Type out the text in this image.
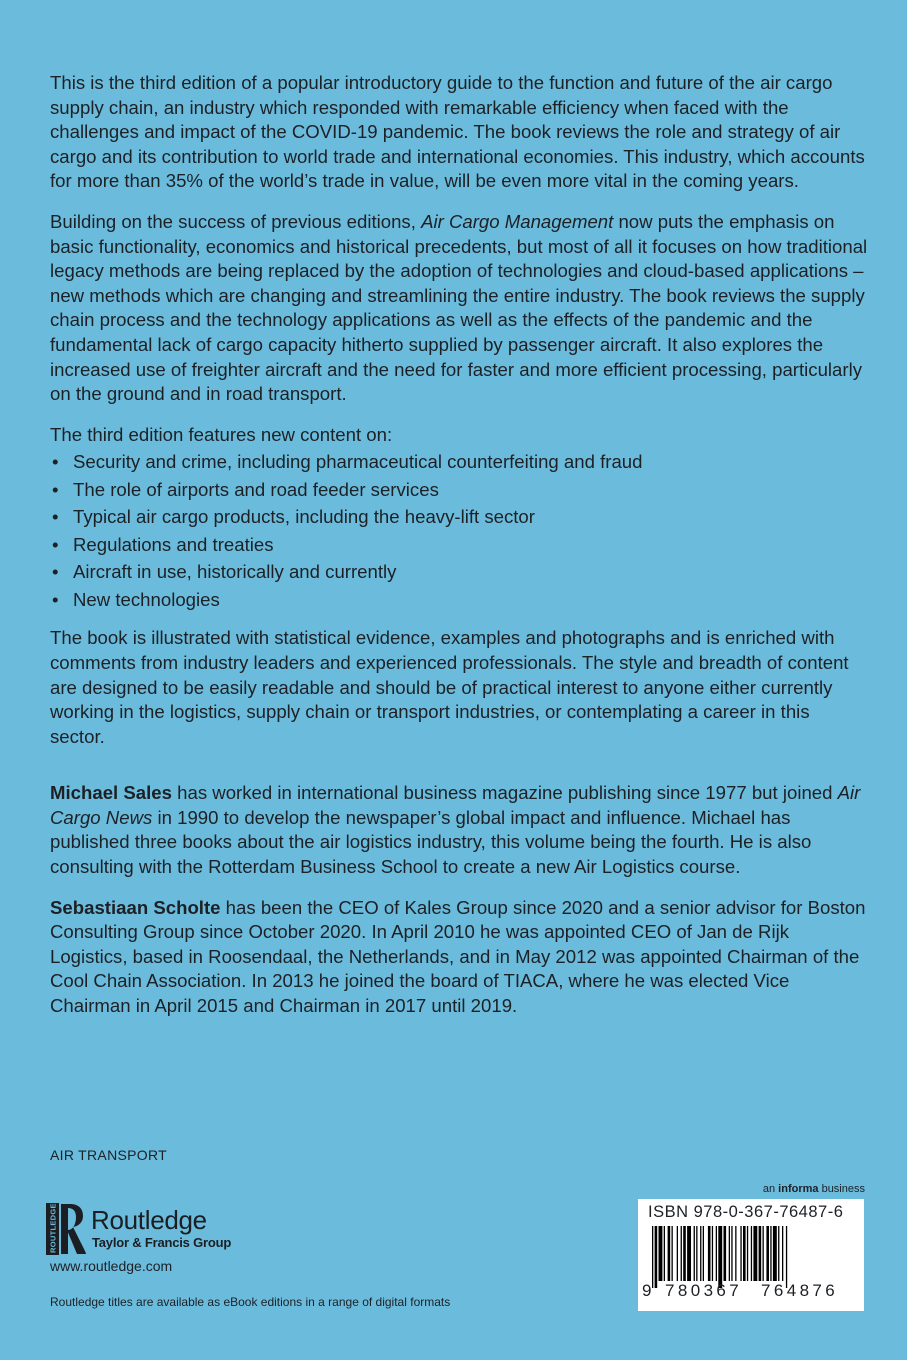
This is the third edition of a popular introductory guide to the function and future of the air cargo supply chain, an industry which responded with remarkable efficiency when faced with the challenges and impact of the COVID-19 pandemic. The book reviews the role and strategy of air cargo and its contribution to world trade and international economies. This industry, which accounts for more than 35% of the world’s trade in value, will be even more vital in the coming years.

Building on the success of previous editions, Air Cargo Management now puts the emphasis on basic functionality, economics and historical precedents, but most of all it focuses on how traditional legacy methods are being replaced by the adoption of technologies and cloud-based applications – new methods which are changing and streamlining the entire industry. The book reviews the supply chain process and the technology applications as well as the effects of the pandemic and the fundamental lack of cargo capacity hitherto supplied by passenger aircraft. It also explores the increased use of freighter aircraft and the need for faster and more efficient processing, particularly on the ground and in road transport.

The third edition features new content on:

• Security and crime, including pharmaceutical counterfeiting and fraud
• The role of airports and road feeder services
• Typical air cargo products, including the heavy-lift sector
• Regulations and treaties
• Aircraft in use, historically and currently
• New technologies

The book is illustrated with statistical evidence, examples and photographs and is enriched with comments from industry leaders and experienced professionals. The style and breadth of content are designed to be easily readable and should be of practical interest to anyone either currently working in the logistics, supply chain or transport industries, or contemplating a career in this sector.

Michael Sales has worked in international business magazine publishing since 1977 but joined Air Cargo News in 1990 to develop the newspaper’s global impact and influence. Michael has published three books about the air logistics industry, this volume being the fourth. He is also consulting with the Rotterdam Business School to create a new Air Logistics course.

Sebastiaan Scholte has been the CEO of Kales Group since 2020 and a senior advisor for Boston Consulting Group since October 2020. In April 2010 he was appointed CEO of Jan de Rijk Logistics, based in Roosendaal, the Netherlands, and in May 2012 was appointed Chairman of the Cool Chain Association. In 2013 he joined the board of TIACA, where he was elected Vice Chairman in April 2015 and Chairman in 2017 until 2019.

AIR TRANSPORT
ROUTLEDGE Routledge
Taylor & Francis Group
www.routledge.com
Routledge titles are available as eBook editions in a range of digital formats
an informa business
ISBN 978-0-367-76487-6
9 780367 764876
